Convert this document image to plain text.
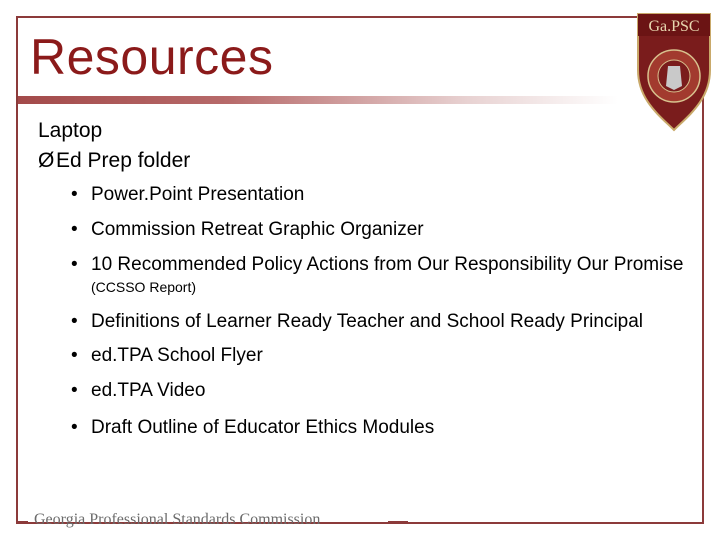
Resources
Ga.PSC

Laptop

ØEd Prep folder

• Power.Point Presentation
• Commission Retreat Graphic Organizer
• 10 Recommended Policy Actions from Our Responsibility Our Promise (CCSSO Report)
• Definitions of Learner Ready Teacher and School Ready Principal
• ed.TPA School Flyer
• ed.TPA Video
• Draft Outline of Educator Ethics Modules
Georgia Professional Standards Commission
